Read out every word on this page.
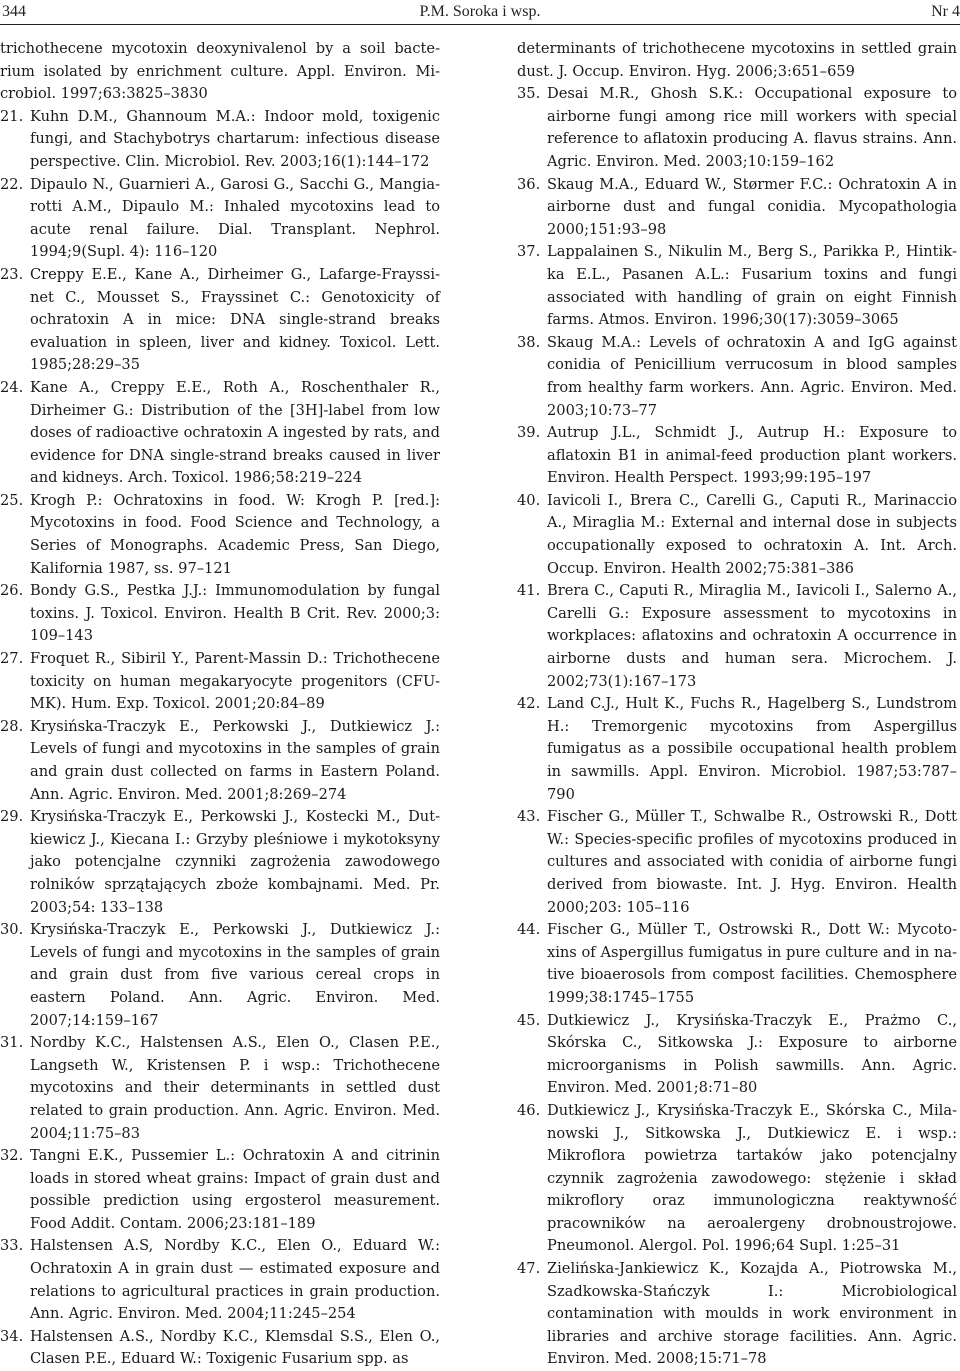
344	P.M. Soroka i wsp.	Nr 4

trichothecene mycotoxin deoxynivalenol by a soil bacterium isolated by enrichment culture. Appl. Environ. Microbiol. 1997;63:3825–3830

21. Kuhn D.M., Ghannoum M.A.: Indoor mold, toxigenic fungi, and Stachybotrys chartarum: infectious disease perspective. Clin. Microbiol. Rev. 2003;16(1):144–172

22. Dipaulo N., Guarnieri A., Garosi G., Sacchi G., Mangiarotti A.M., Dipaulo M.: Inhaled mycotoxins lead to acute renal failure. Dial. Transplant. Nephrol. 1994;9(Supl. 4): 116–120

23. Creppy E.E., Kane A., Dirheimer G., Lafarge-Frayssinet C., Mousset S., Frayssinet C.: Genotoxicity of ochratoxin A in mice: DNA single-strand breaks evaluation in spleen, liver and kidney. Toxicol. Lett. 1985;28:29–35

24. Kane A., Creppy E.E., Roth A., Roschenthaler R., Dirheimer G.: Distribution of the [3H]-label from low doses of radioactive ochratoxin A ingested by rats, and evidence for DNA single-strand breaks caused in liver and kidneys. Arch. Toxicol. 1986;58:219–224

25. Krogh P.: Ochratoxins in food. W: Krogh P. [red.]: Mycotoxins in food. Food Science and Technology, a Series of Monographs. Academic Press, San Diego, Kalifornia 1987, ss. 97–121

26. Bondy G.S., Pestka J.J.: Immunomodulation by fungal toxins. J. Toxicol. Environ. Health B Crit. Rev. 2000;3: 109–143

27. Froquet R., Sibiril Y., Parent-Massin D.: Trichothecene toxicity on human megakaryocyte progenitors (CFU-MK). Hum. Exp. Toxicol. 2001;20:84–89

28. Krysińska-Traczyk E., Perkowski J., Dutkiewicz J.: Levels of fungi and mycotoxins in the samples of grain and grain dust collected on farms in Eastern Poland. Ann. Agric. Environ. Med. 2001;8:269–274

29. Krysińska-Traczyk E., Perkowski J., Kostecki M., Dutkiewicz J., Kiecana I.: Grzyby pleśniowe i mykotoksyny jako potencjalne czynniki zagrożenia zawodowego rolników sprzątających zboże kombajnami. Med. Pr. 2003;54: 133–138

30. Krysińska-Traczyk E., Perkowski J., Dutkiewicz J.: Levels of fungi and mycotoxins in the samples of grain and grain dust from five various cereal crops in eastern Poland. Ann. Agric. Environ. Med. 2007;14:159–167

31. Nordby K.C., Halstensen A.S., Elen O., Clasen P.E., Langseth W., Kristensen P. i wsp.: Trichothecene mycotoxins and their determinants in settled dust related to grain production. Ann. Agric. Environ. Med. 2004;11:75–83

32. Tangni E.K., Pussemier L.: Ochratoxin A and citrinin loads in stored wheat grains: Impact of grain dust and possible prediction using ergosterol measurement. Food Addit. Contam. 2006;23:181–189

33. Halstensen A.S, Nordby K.C., Elen O., Eduard W.: Ochratoxin A in grain dust — estimated exposure and relations to agricultural practices in grain production. Ann. Agric. Environ. Med. 2004;11:245–254

34. Halstensen A.S., Nordby K.C., Klemsdal S.S., Elen O., Clasen P.E., Eduard W.: Toxigenic Fusarium spp. as

determinants of trichothecene mycotoxins in settled grain dust. J. Occup. Environ. Hyg. 2006;3:651–659

35. Desai M.R., Ghosh S.K.: Occupational exposure to airborne fungi among rice mill workers with special reference to aflatoxin producing A. flavus strains. Ann. Agric. Environ. Med. 2003;10:159–162

36. Skaug M.A., Eduard W., Størmer F.C.: Ochratoxin A in airborne dust and fungal conidia. Mycopathologia 2000;151:93–98

37. Lappalainen S., Nikulin M., Berg S., Parikka P., Hintikka E.L., Pasanen A.L.: Fusarium toxins and fungi associated with handling of grain on eight Finnish farms. Atmos. Environ. 1996;30(17):3059–3065

38. Skaug M.A.: Levels of ochratoxin A and IgG against conidia of Penicillium verrucosum in blood samples from healthy farm workers. Ann. Agric. Environ. Med. 2003;10:73–77

39. Autrup J.L., Schmidt J., Autrup H.: Exposure to aflatoxin B1 in animal-feed production plant workers. Environ. Health Perspect. 1993;99:195–197

40. Iavicoli I., Brera C., Carelli G., Caputi R., Marinaccio A., Miraglia M.: External and internal dose in subjects occupationally exposed to ochratoxin A. Int. Arch. Occup. Environ. Health 2002;75:381–386

41. Brera C., Caputi R., Miraglia M., Iavicoli I., Salerno A., Carelli G.: Exposure assessment to mycotoxins in workplaces: aflatoxins and ochratoxin A occurrence in airborne dusts and human sera. Microchem. J. 2002;73(1):167–173

42. Land C.J., Hult K., Fuchs R., Hagelberg S., Lundstrom H.: Tremorgenic mycotoxins from Aspergillus fumigatus as a possibile occupational health problem in sawmills. Appl. Environ. Microbiol. 1987;53:787–790

43. Fischer G., Müller T., Schwalbe R., Ostrowski R., Dott W.: Species-specific profiles of mycotoxins produced in cultures and associated with conidia of airborne fungi derived from biowaste. Int. J. Hyg. Environ. Health 2000;203: 105–116

44. Fischer G., Müller T., Ostrowski R., Dott W.: Mycotoxins of Aspergillus fumigatus in pure culture and in native bioaerosols from compost facilities. Chemosphere 1999;38:1745–1755

45. Dutkiewicz J., Krysińska-Traczyk E., Prażmo C., Skórska C., Sitkowska J.: Exposure to airborne microorganisms in Polish sawmills. Ann. Agric. Environ. Med. 2001;8:71–80

46. Dutkiewicz J., Krysińska-Traczyk E., Skórska C., Milanowski J., Sitkowska J., Dutkiewicz E. i wsp.: Mikroflora powietrza tartaków jako potencjalny czynnik zagrożenia zawodowego: stężenie i skład mikroflory oraz immunologiczna reaktywność pracowników na aeroalergeny drobnoustrojowe. Pneumonol. Alergol. Pol. 1996;64 Supl. 1:25–31

47. Zielińska-Jankiewicz K., Kozajda A., Piotrowska M., Szadkowska-Stańczyk I.: Microbiological contamination with moulds in work environment in libraries and archive storage facilities. Ann. Agric. Environ. Med. 2008;15:71–78
